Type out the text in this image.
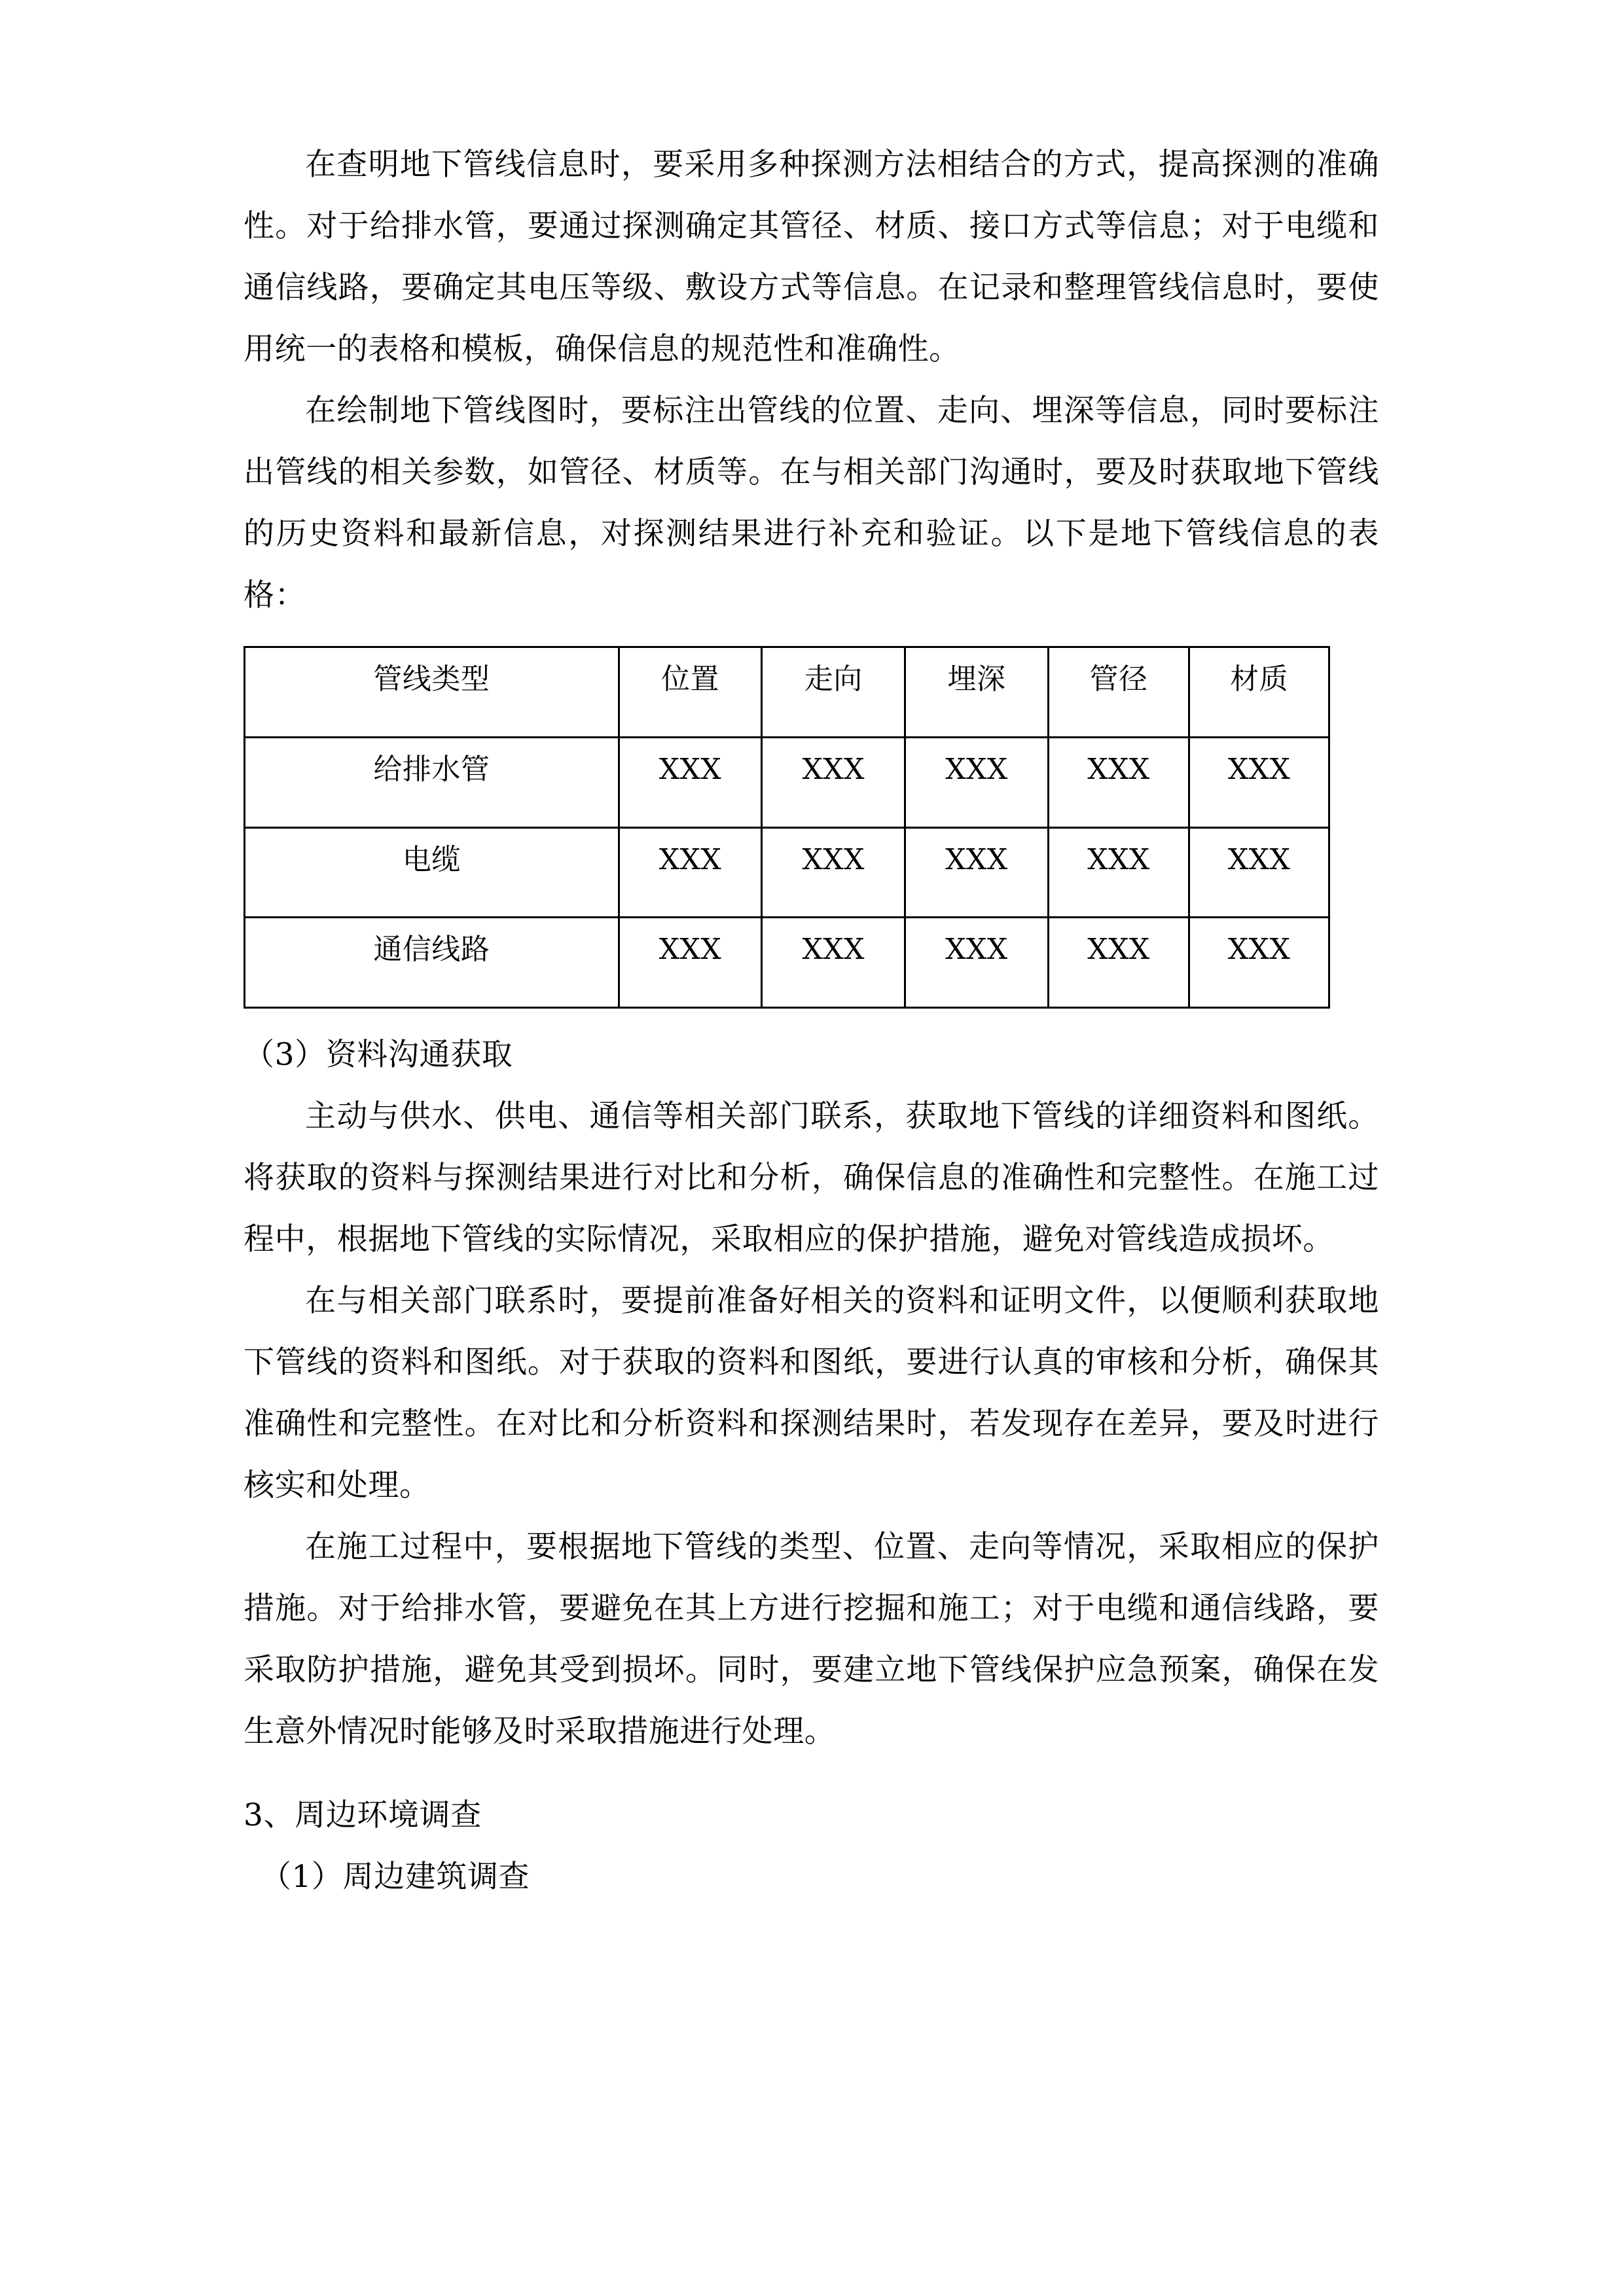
在查明地下管线信息时，要采用多种探测方法相结合的方式，提高探测的准确性。对于给排水管，要通过探测确定其管径、材质、接口方式等信息；对于电缆和通信线路，要确定其电压等级、敷设方式等信息。在记录和整理管线信息时，要使用统一的表格和模板，确保信息的规范性和准确性。

在绘制地下管线图时，要标注出管线的位置、走向、埋深等信息，同时要标注出管线的相关参数，如管径、材质等。在与相关部门沟通时，要及时获取地下管线的历史资料和最新信息，对探测结果进行补充和验证。以下是地下管线信息的表格：

管线类型	位置	走向	埋深	管径	材质
给排水管	XXX	XXX	XXX	XXX	XXX
电缆	XXX	XXX	XXX	XXX	XXX
通信线路	XXX	XXX	XXX	XXX	XXX

（3）资料沟通获取

主动与供水、供电、通信等相关部门联系，获取地下管线的详细资料和图纸。将获取的资料与探测结果进行对比和分析，确保信息的准确性和完整性。在施工过程中，根据地下管线的实际情况，采取相应的保护措施，避免对管线造成损坏。

在与相关部门联系时，要提前准备好相关的资料和证明文件，以便顺利获取地下管线的资料和图纸。对于获取的资料和图纸，要进行认真的审核和分析，确保其准确性和完整性。在对比和分析资料和探测结果时，若发现存在差异，要及时进行核实和处理。

在施工过程中，要根据地下管线的类型、位置、走向等情况，采取相应的保护措施。对于给排水管，要避免在其上方进行挖掘和施工；对于电缆和通信线路，要采取防护措施，避免其受到损坏。同时，要建立地下管线保护应急预案，确保在发生意外情况时能够及时采取措施进行处理。

3、周边环境调查

（1）周边建筑调查
